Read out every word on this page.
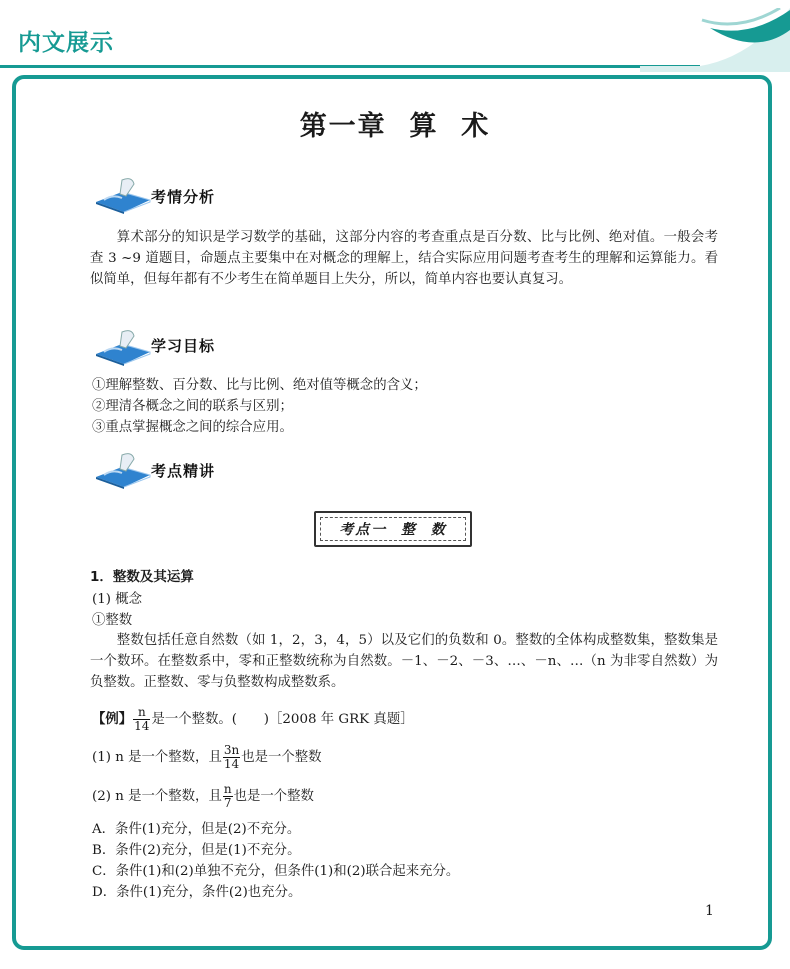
内文展示
第一章  算  术
考情分析
算术部分的知识是学习数学的基础，这部分内容的考查重点是百分数、比与比例、绝对值。一般会考查 3 ~9 道题目，命题点主要集中在对概念的理解上，结合实际应用问题考查考生的理解和运算能力。看似简单，但每年都有不少考生在简单题目上失分，所以，简单内容也要认真复习。
学习目标
①理解整数、百分数、比与比例、绝对值等概念的含义；
②理清各概念之间的联系与区别；
③重点掌握概念之间的综合应用。
考点精讲
考点一  整  数
1．整数及其运算
(1) 概念
①整数
整数包括任意自然数（如 1，2，3，4，5）以及它们的负数和 0。整数的全体构成整数集，整数集是一个数环。在整数系中，零和正整数统称为自然数。－1、－2、－3、…、－n、…（n 为非零自然数）为负整数。正整数、零与负整数构成整数系。
【例】 $\frac{n}{14}$ 是一个整数。(　　)［2008 年 GRK 真题］
(1) n 是一个整数，且 $\frac{3n}{14}$ 也是一个整数
(2) n 是一个整数，且 $\frac{n}{7}$ 也是一个整数
A．条件(1)充分，但是(2)不充分。
B．条件(2)充分，但是(1)不充分。
C．条件(1)和(2)单独不充分，但条件(1)和(2)联合起来充分。
D．条件(1)充分，条件(2)也充分。
1
